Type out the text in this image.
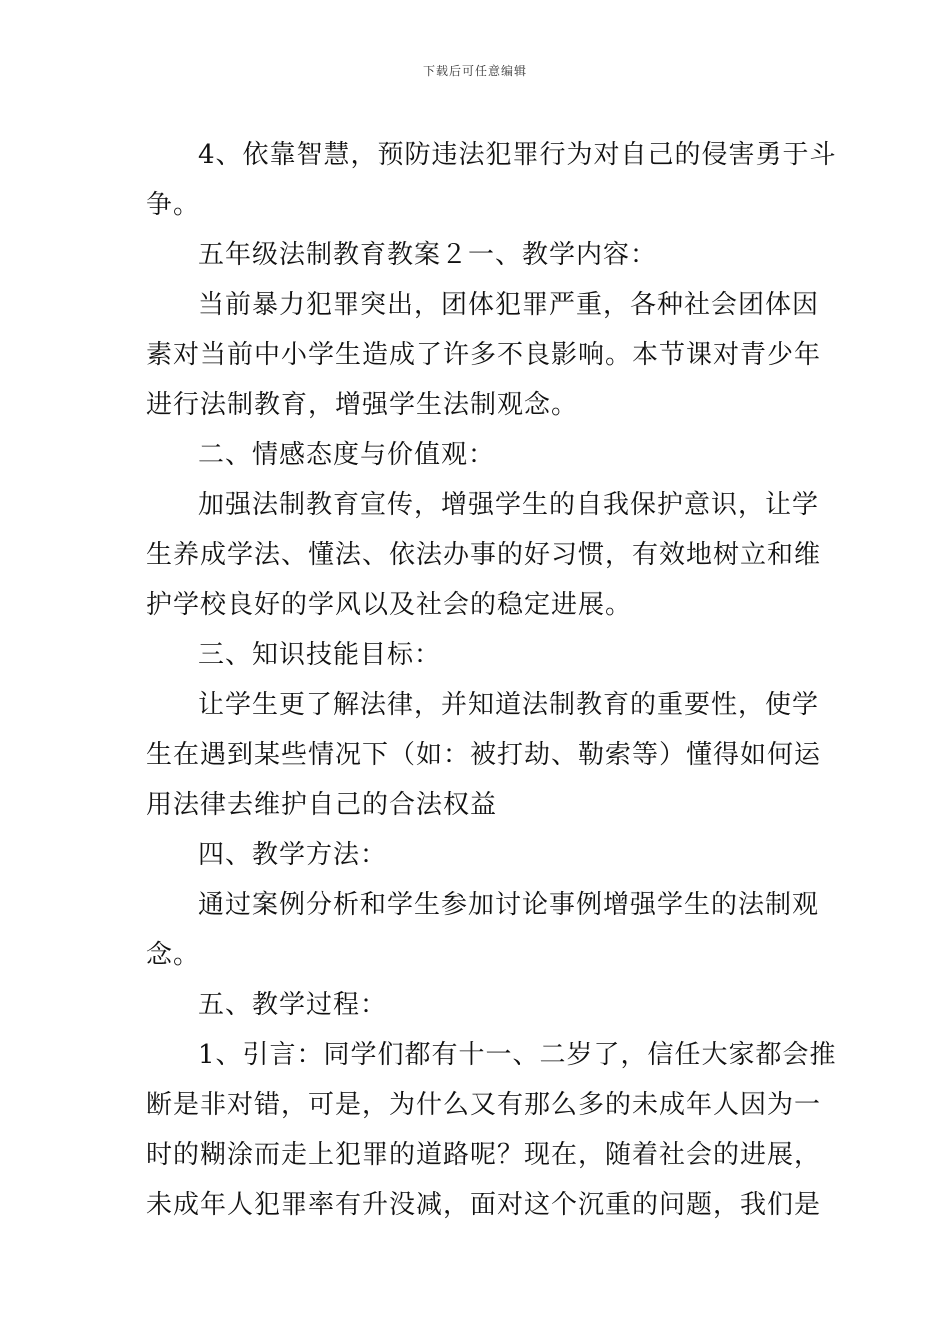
下载后可任意编辑
4、依靠智慧，预防违法犯罪行为对自己的侵害勇于斗
争。
五年级法制教育教案２一、教学内容：
当前暴力犯罪突出，团体犯罪严重，各种社会团体因
素对当前中小学生造成了许多不良影响。本节课对青少年
进行法制教育，增强学生法制观念。
二、情感态度与价值观：
加强法制教育宣传，增强学生的自我保护意识，让学
生养成学法、懂法、依法办事的好习惯，有效地树立和维
护学校良好的学风以及社会的稳定进展。
三、知识技能目标：
让学生更了解法律，并知道法制教育的重要性，使学
生在遇到某些情况下（如：被打劫、勒索等）懂得如何运
用法律去维护自己的合法权益
四、教学方法：
通过案例分析和学生参加讨论事例增强学生的法制观
念。
五、教学过程：
1、引言：同学们都有十一、二岁了，信任大家都会推
断是非对错，可是，为什么又有那么多的未成年人因为一
时的糊涂而走上犯罪的道路呢？现在，随着社会的进展，
未成年人犯罪率有升没减，面对这个沉重的问题，我们是
